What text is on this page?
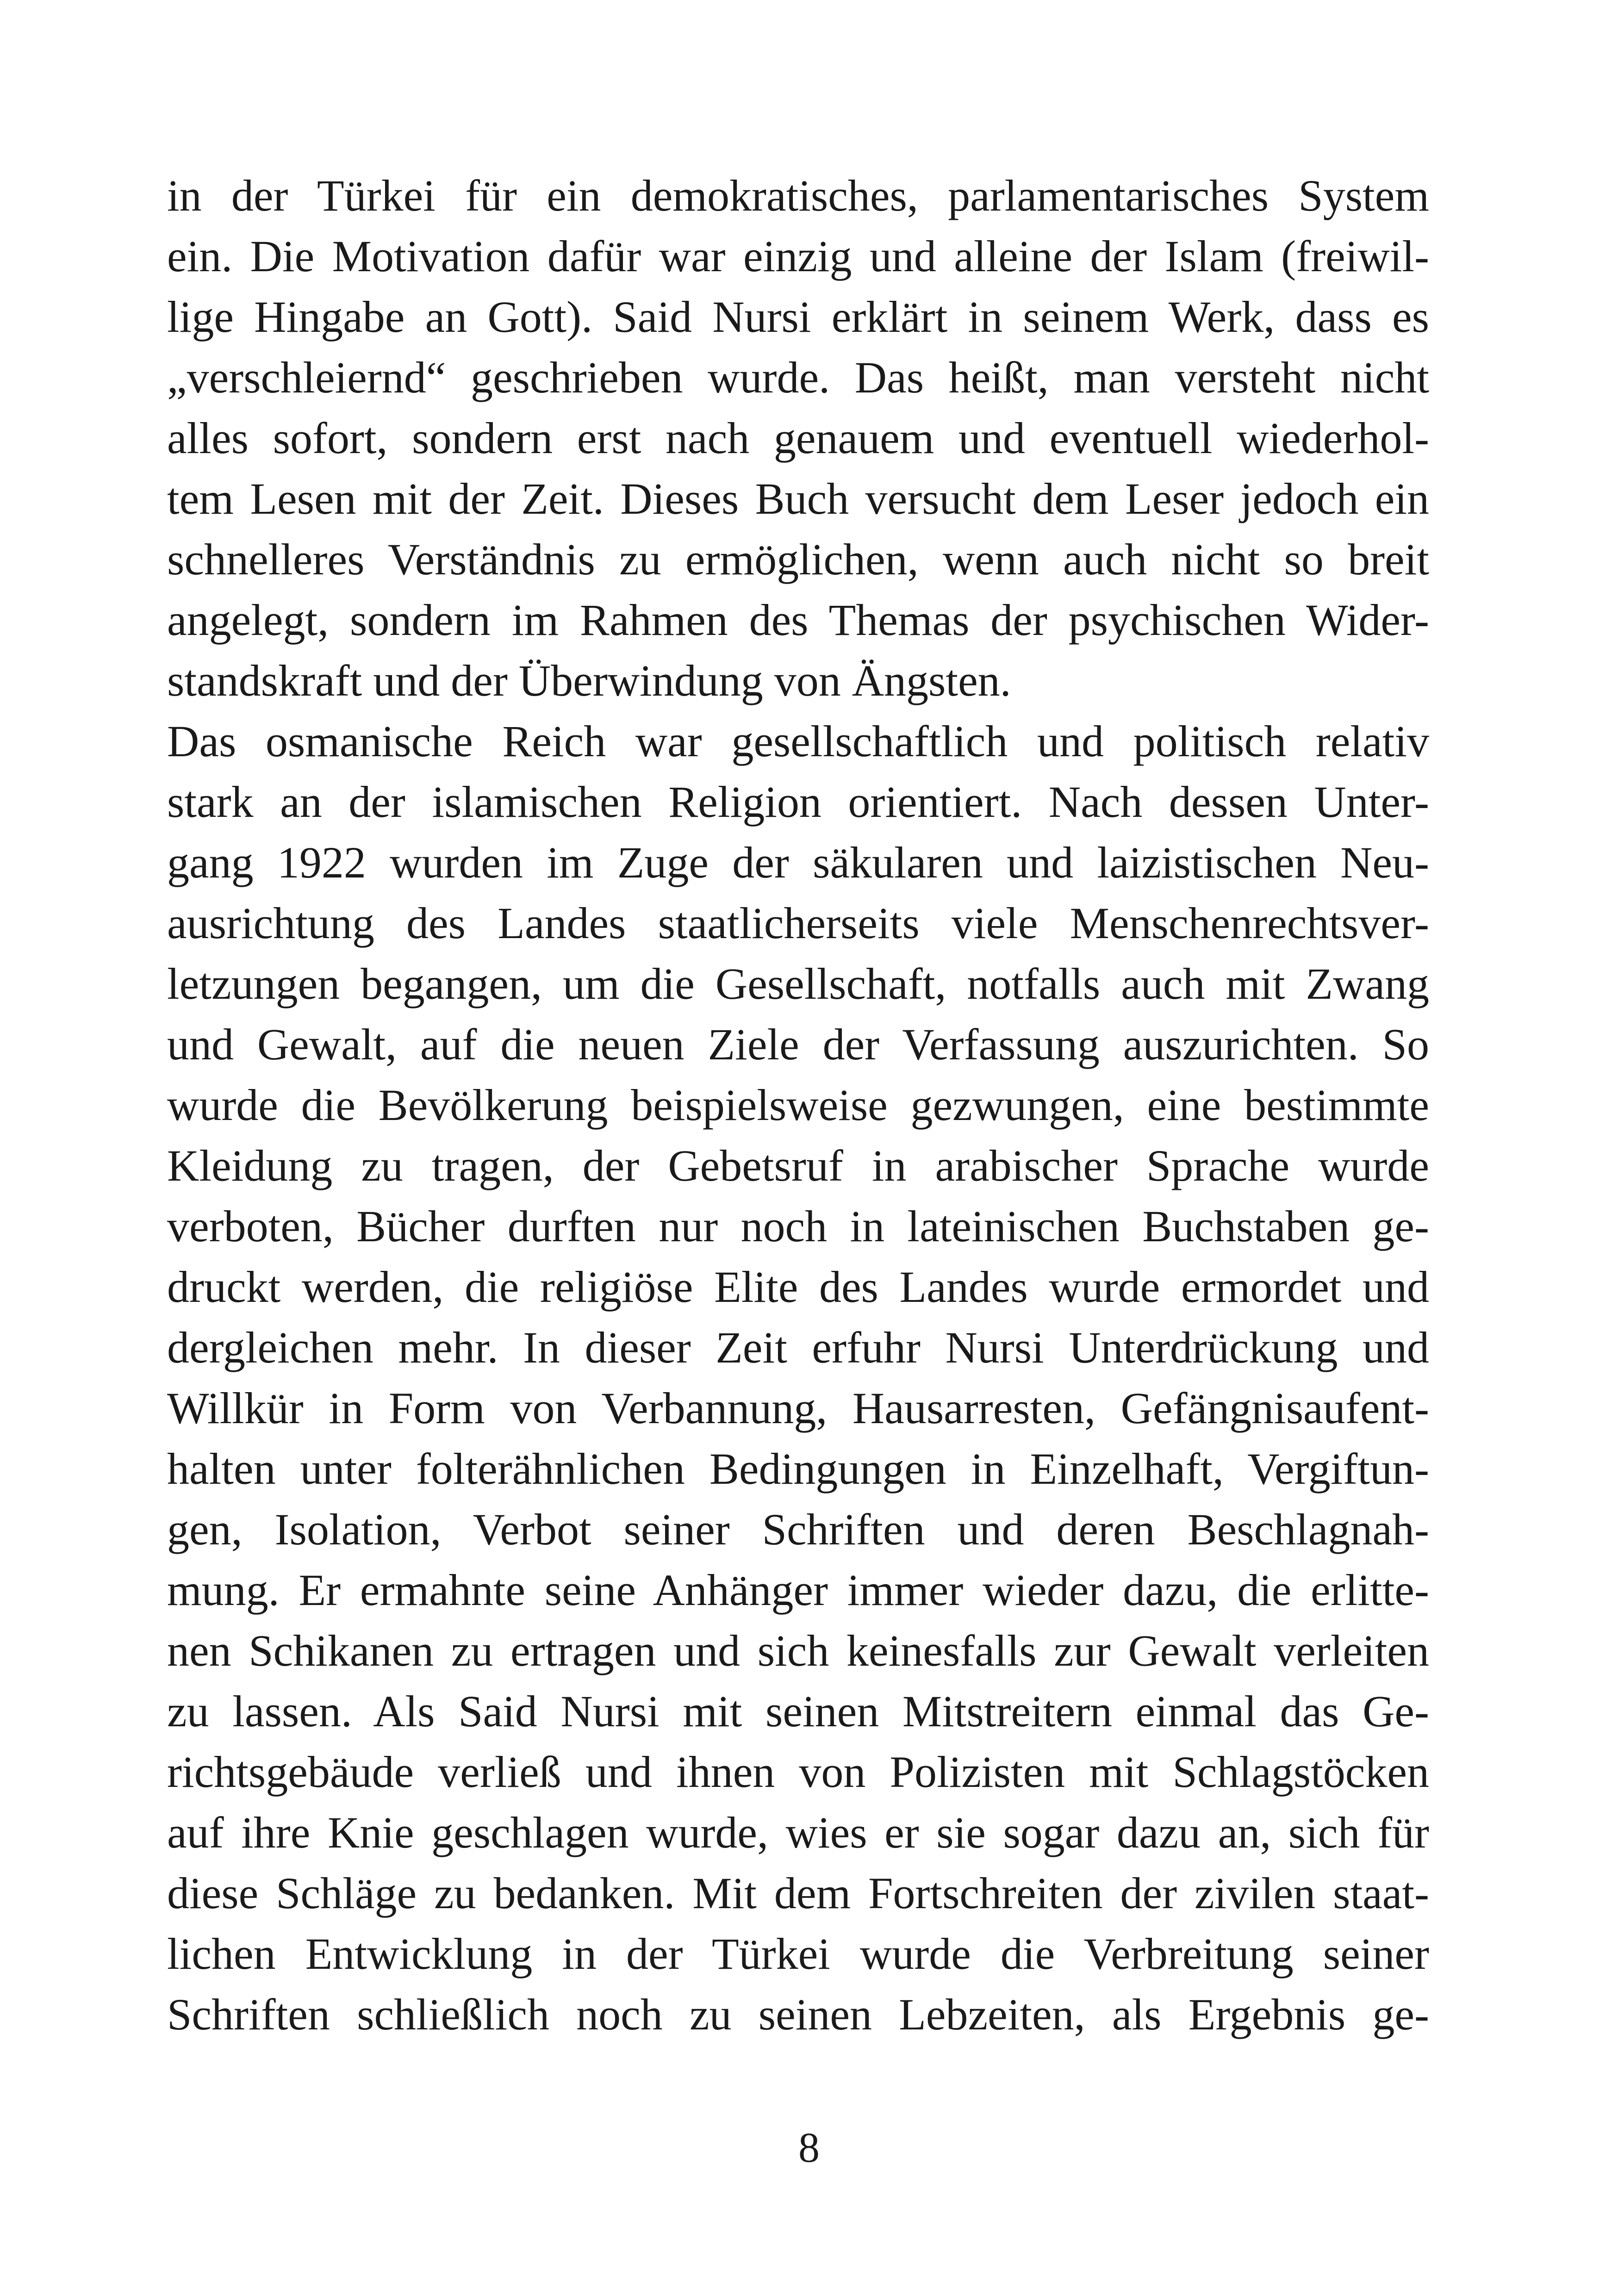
in der Türkei für ein demokratisches, parlamentarisches System
ein. Die Motivation dafür war einzig und alleine der Islam (freiwil-
lige Hingabe an Gott). Said Nursi erklärt in seinem Werk, dass es
„verschleiernd“ geschrieben wurde. Das heißt, man versteht nicht
alles sofort, sondern erst nach genauem und eventuell wiederhol-
tem Lesen mit der Zeit. Dieses Buch versucht dem Leser jedoch ein
schnelleres Verständnis zu ermöglichen, wenn auch nicht so breit
angelegt, sondern im Rahmen des Themas der psychischen Wider-
standskraft und der Überwindung von Ängsten.
Das osmanische Reich war gesellschaftlich und politisch relativ
stark an der islamischen Religion orientiert. Nach dessen Unter-
gang 1922 wurden im Zuge der säkularen und laizistischen Neu-
ausrichtung des Landes staatlicherseits viele Menschenrechtsver-
letzungen begangen, um die Gesellschaft, notfalls auch mit Zwang
und Gewalt, auf die neuen Ziele der Verfassung auszurichten. So
wurde die Bevölkerung beispielsweise gezwungen, eine bestimmte
Kleidung zu tragen, der Gebetsruf in arabischer Sprache wurde
verboten, Bücher durften nur noch in lateinischen Buchstaben ge-
druckt werden, die religiöse Elite des Landes wurde ermordet und
dergleichen mehr. In dieser Zeit erfuhr Nursi Unterdrückung und
Willkür in Form von Verbannung, Hausarresten, Gefängnisaufent-
halten unter folterähnlichen Bedingungen in Einzelhaft, Vergiftun-
gen, Isolation, Verbot seiner Schriften und deren Beschlagnah-
mung. Er ermahnte seine Anhänger immer wieder dazu, die erlitte-
nen Schikanen zu ertragen und sich keinesfalls zur Gewalt verleiten
zu lassen. Als Said Nursi mit seinen Mitstreitern einmal das Ge-
richtsgebäude verließ und ihnen von Polizisten mit Schlagstöcken
auf ihre Knie geschlagen wurde, wies er sie sogar dazu an, sich für
diese Schläge zu bedanken. Mit dem Fortschreiten der zivilen staat-
lichen Entwicklung in der Türkei wurde die Verbreitung seiner
Schriften schließlich noch zu seinen Lebzeiten, als Ergebnis ge-
8
